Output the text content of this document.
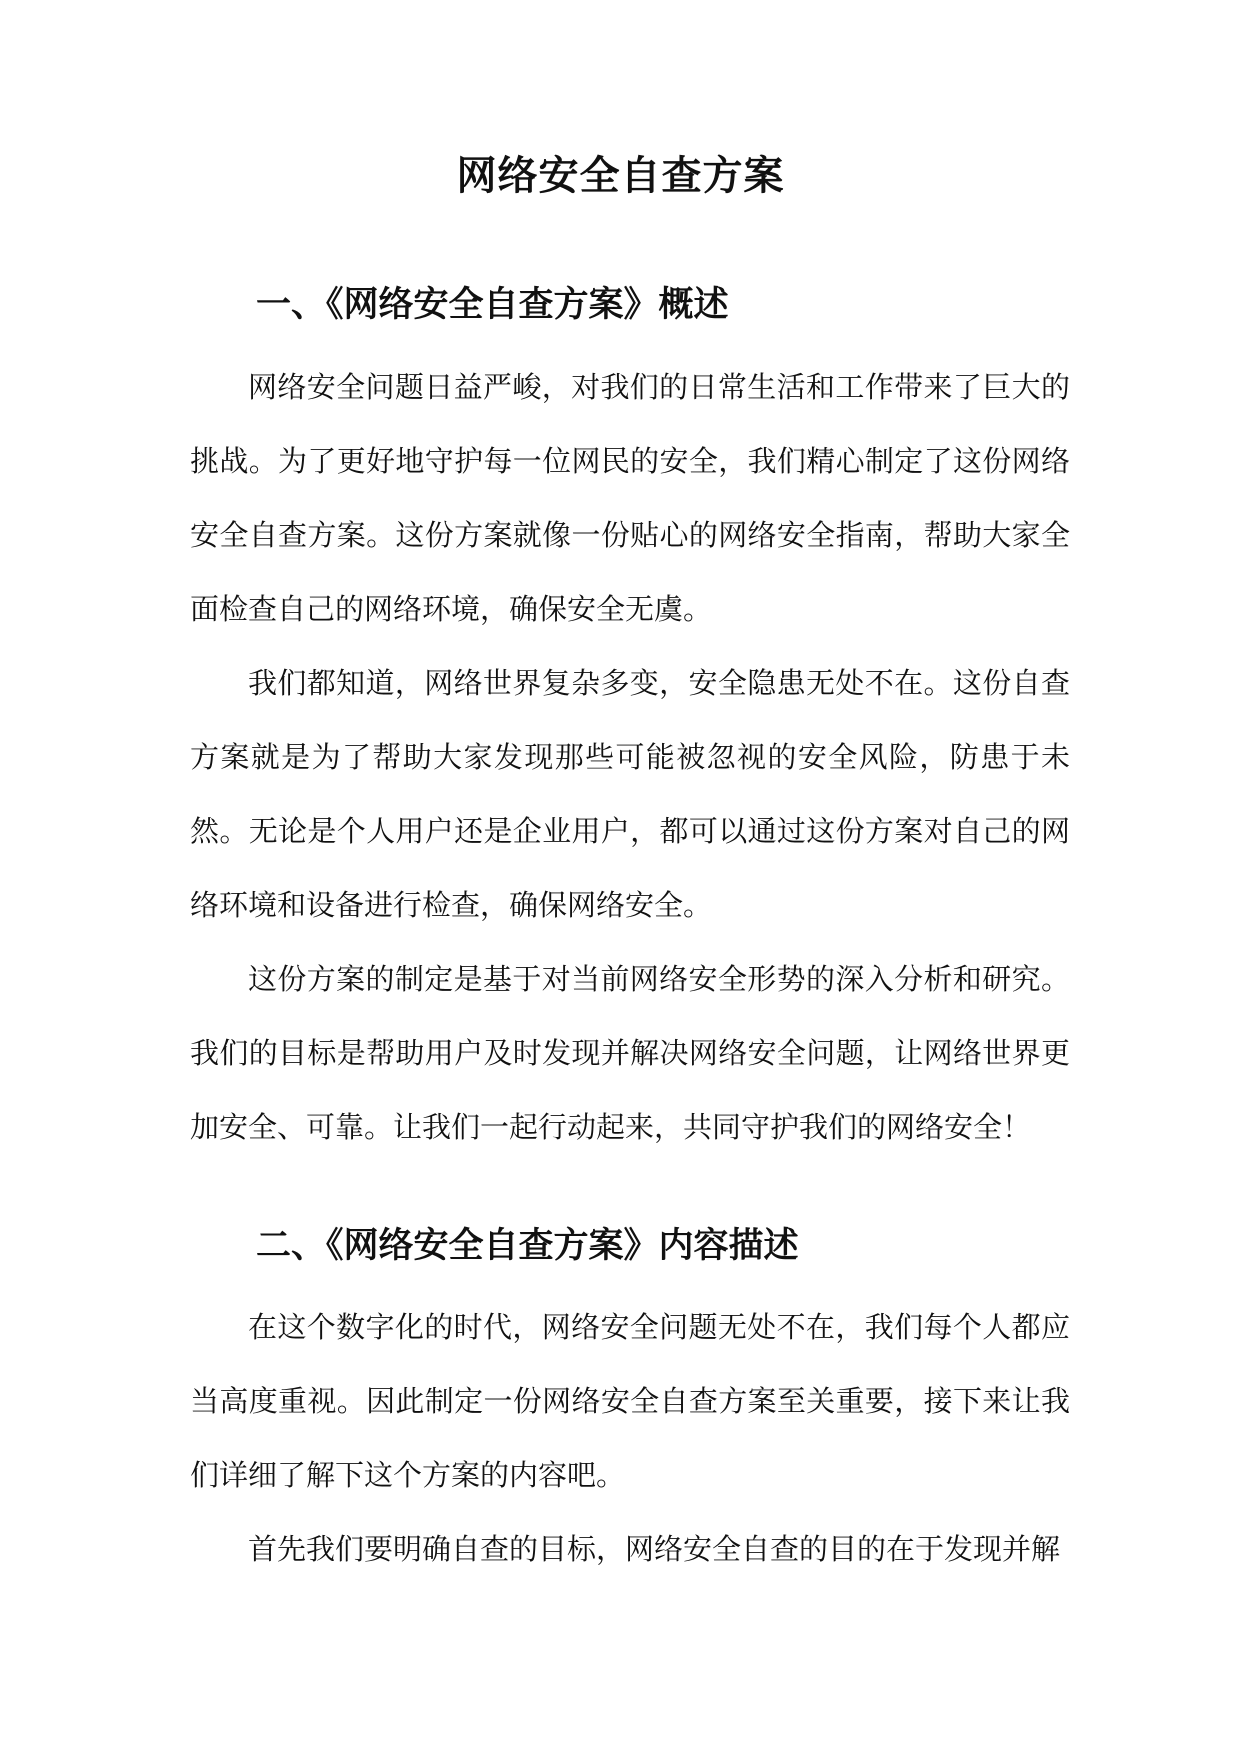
网络安全自查方案
一、《网络安全自查方案》概述

网络安全问题日益严峻，对我们的日常生活和工作带来了巨大的挑战。为了更好地守护每一位网民的安全，我们精心制定了这份网络安全自查方案。这份方案就像一份贴心的网络安全指南，帮助大家全面检查自己的网络环境，确保安全无虞。

我们都知道，网络世界复杂多变，安全隐患无处不在。这份自查方案就是为了帮助大家发现那些可能被忽视的安全风险，防患于未然。无论是个人用户还是企业用户，都可以通过这份方案对自己的网络环境和设备进行检查，确保网络安全。

这份方案的制定是基于对当前网络安全形势的深入分析和研究。我们的目标是帮助用户及时发现并解决网络安全问题，让网络世界更加安全、可靠。让我们一起行动起来，共同守护我们的网络安全！

二、《网络安全自查方案》内容描述

在这个数字化的时代，网络安全问题无处不在，我们每个人都应当高度重视。因此制定一份网络安全自查方案至关重要，接下来让我们详细了解下这个方案的内容吧。

首先我们要明确自查的目标，网络安全自查的目的在于发现并解
